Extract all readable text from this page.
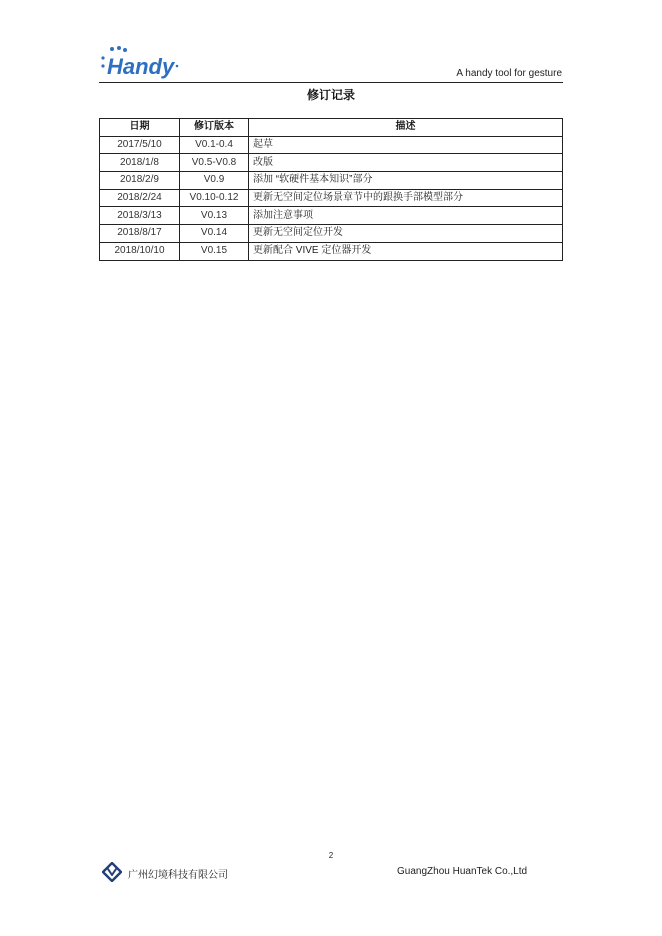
Handy	A handy tool for gesture
修订记录
日期	修订版本	描述
2017/5/10	V0.1-0.4	起草
2018/1/8	V0.5-V0.8	改版
2018/2/9	V0.9	添加 “软硬件基本知识”部分
2018/2/24	V0.10-0.12	更新无空间定位场景章节中的跟换手部模型部分
2018/3/13	V0.13	添加注意事项
2018/8/17	V0.14	更新无空间定位开发
2018/10/10	V0.15	更新配合 VIVE 定位器开发
2
广州幻境科技有限公司	GuangZhou HuanTek Co.,Ltd
